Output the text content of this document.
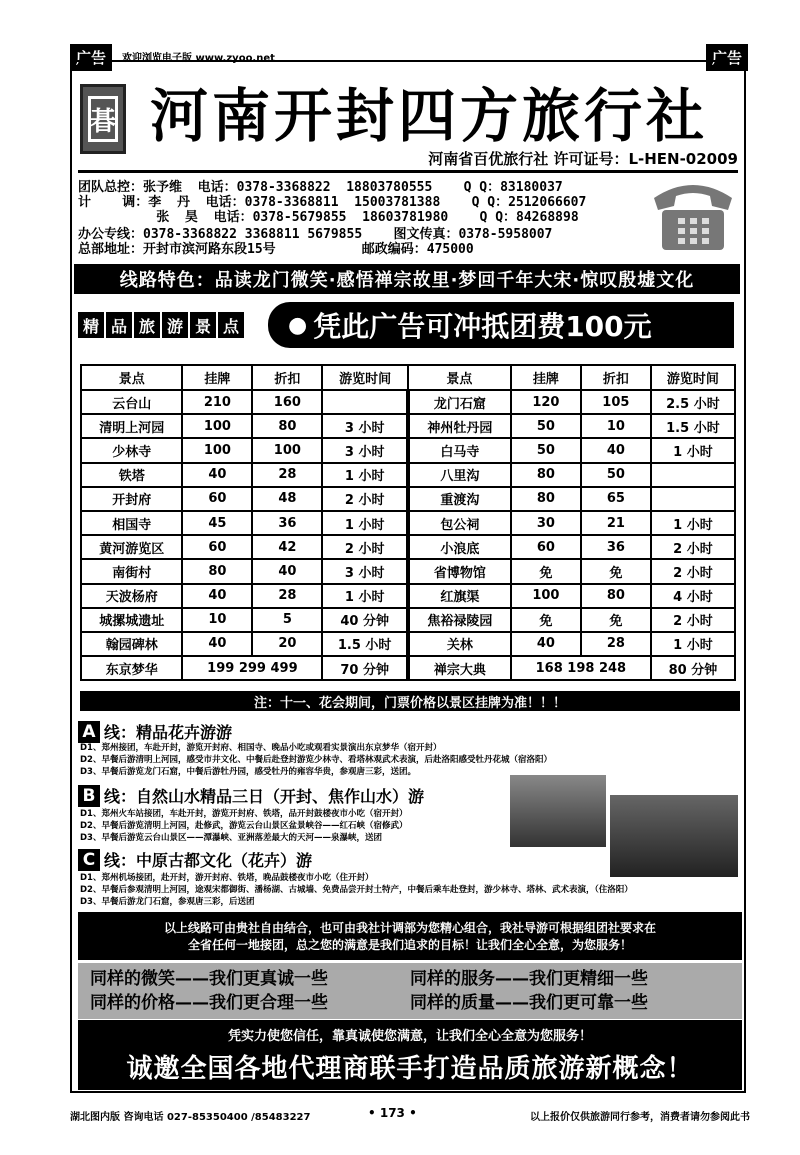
广告	欢迎浏览电子版 www.zyoo.net	广告
㫷 河南开封四方旅行社
河南省百优旅行社 许可证号：L-HEN-02009
团队总控：张予维  电话：0378-3368822  18803780555    Q Q：83180037
计    调：李  丹  电话：0378-3368811  15003781388    Q Q：2512066607
张  昊  电话：0378-5679855  18603781980    Q Q：84268898
办公专线：0378-3368822 3368811 5679855    图文传真：0378-5958007
总部地址：开封市滨河路东段15号           邮政编码：475000
线路特色：品读龙门微笑·感悟禅宗故里·梦回千年大宋·惊叹殷墟文化
精 品 旅 游 景 点 ● 凭此广告可冲抵团费100元
景点	挂牌	折扣	游览时间	景点	挂牌	折扣	游览时间
云台山	210	160		龙门石窟	120	105	2.5 小时
清明上河园	100	80	3 小时	神州牡丹园	50	10	1.5 小时
少林寺	100	100	3 小时	白马寺	50	40	1 小时
铁塔	40	28	1 小时	八里沟	80	50	
开封府	60	48	2 小时	重渡沟	80	65	
相国寺	45	36	1 小时	包公祠	30	21	1 小时
黄河游览区	60	42	2 小时	小浪底	60	36	2 小时
南街村	80	40	3 小时	省博物馆	免	免	2 小时
天波杨府	40	28	1 小时	红旗渠	100	80	4 小时
城摞城遗址	10	5	40 分钟	焦裕禄陵园	免	免	2 小时
翰园碑林	40	20	1.5 小时	关林	40	28	1 小时
东京梦华	199 299 499		70 分钟	禅宗大典	168 198 248		80 分钟
注：十一、花会期间，门票价格以景区挂牌为准！！！
A 线：精品花卉游游
D1、郑州接团，车赴开封，游览开封府、相国寺、晚品小吃或观看实景演出东京梦华（宿开封）
D2、早餐后游清明上河园，感受市井文化、中餐后赴登封游览少林寺、看塔林观武术表演，后赴洛阳感受牡丹花城（宿洛阳）
D3、早餐后游览龙门石窟，中餐后游牡丹园，感受牡丹的雍容华贵，参观唐三彩，送团。
B 线：自然山水精品三日（开封、焦作山水）游
D1、郑州火车站接团，车赴开封，游览开封府、铁塔，品开封鼓楼夜市小吃（宿开封）
D2、早餐后游览清明上河园，赴修武，游览云台山景区盆景峡谷——红石峡（宿修武）
D3、早餐后游览云台山景区——潭瀑峡、亚洲落差最大的天河——泉瀑峡，送团
C 线：中原古都文化（花卉）游
D1、郑州机场接团，赴开封，游开封府、铁塔，晚品鼓楼夜市小吃（住开封）
D2、早餐后参观清明上河园，途观宋都御街、潘杨湖、古城墙、免费品尝开封土特产，中餐后乘车赴登封，游少林寺、塔林、武术表演，（住洛阳）
D3、早餐后游龙门石窟，参观唐三彩，后送团
以上线路可由贵社自由结合，也可由我社计调部为您精心组合，我社导游可根据组团社要求在
全省任何一地接团，总之您的满意是我们追求的目标！让我们全心全意，为您服务！
同样的微笑——我们更真诚一些	同样的服务——我们更精细一些
同样的价格——我们更合理一些	同样的质量——我们更可靠一些
凭实力使您信任，靠真诚使您满意，让我们全心全意为您服务！
诚邀全国各地代理商联手打造品质旅游新概念！
湖北图内版 咨询电话 027-85350400 /85483227	• 173 •	以上报价仅供旅游同行参考，消费者请勿参阅此书
